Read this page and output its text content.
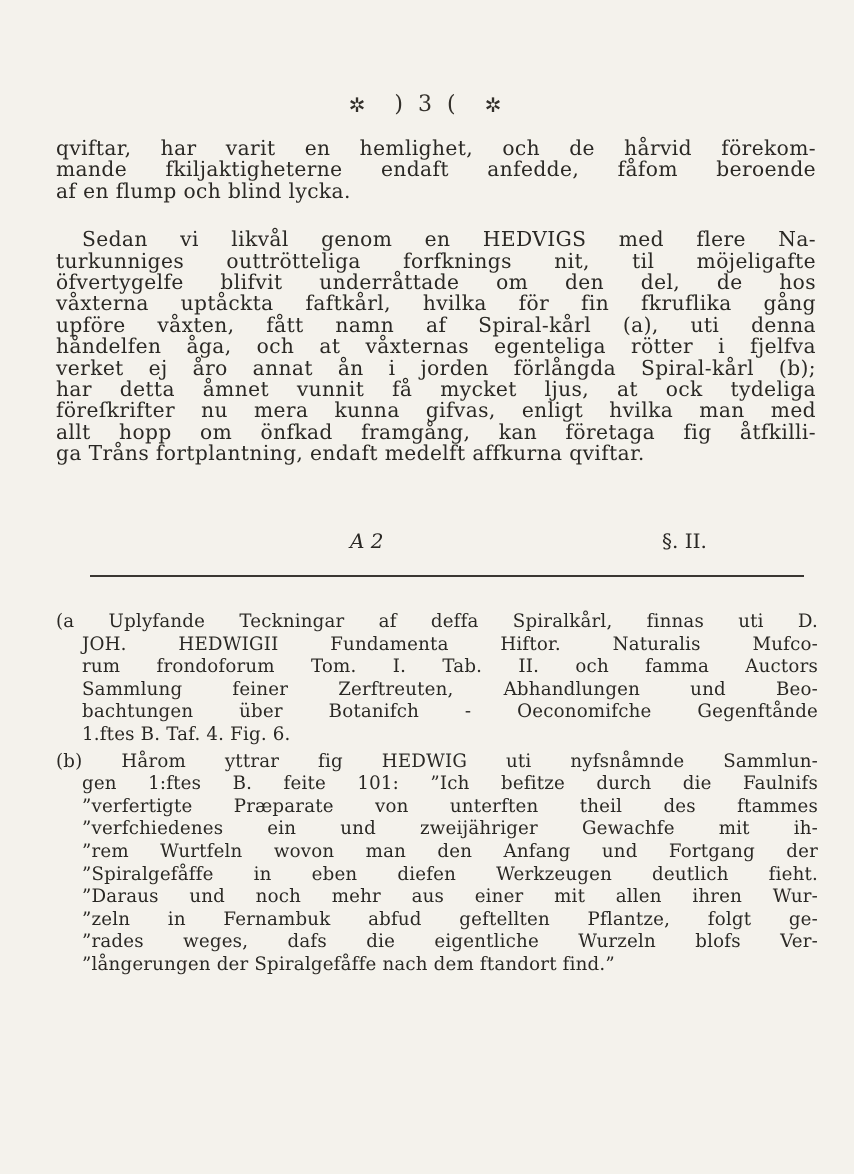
✲ ) 3 ( ✲

qviftar, har varit en hemlighet, och de hårvid förekom-
mande fkiljaktigheterne endaft anfedde, fåfom beroende
af en flump och blind lycka.

Sedan vi likvål genom en HEDVIGS med flere Na-
turkunniges outtrötteliga forfknings nit, til möjeligafte
öfvertygelfe blifvit underråttade om den del, de hos
våxterna uptåckta faftkårl, hvilka för fin fkruflika gång
upföre våxten, fått namn af Spiral-kårl (a), uti denna
håndelfen åga, och at våxternas egenteliga rötter i fjelfva
verket ej åro annat ån i jorden förlångda Spiral-kårl (b);
har detta åmnet vunnit få mycket ljus, at ock tydeliga
föreſkrifter nu mera kunna gifvas, enligt hvilka man med
allt hopp om önfkad framgång, kan företaga fig åtfkilli-
ga Tråns fortplantning, endaft medelft affkurna qviftar.

A 2	§. II.
(a Uplyfande Teckningar af deffa Spiralkårl, finnas uti D.
JOH. HEDWIGII Fundamenta Hiftor. Naturalis Mufco-
rum frondoforum Tom. I. Tab. II. och famma Auctors
Sammlung feiner Zerftreuten, Abhandlungen und Beo-
bachtungen über Botanifch - Oeconomifche Gegenftånde
1.ftes B. Taf. 4. Fig. 6.
(b) Hårom yttrar fig HEDWIG uti nyfsnåmnde Sammlun-
gen 1:ftes B. feite 101: ”Ich befitze durch die Faulnifs
”verfertigte Præparate von unterften theil des ftammes
”verfchiedenes ein und zweijähriger Gewachfe mit ih-
”rem Wurtfeln wovon man den Anfang und Fortgang der
”Spiralgefåffe in eben diefen Werkzeugen deutlich fieht.
”Daraus und noch mehr aus einer mit allen ihren Wur-
”zeln in Fernambuk abfud geftellten Pflantze, folgt ge-
”rades weges, dafs die eigentliche Wurzeln blofs Ver-
”långerungen der Spiralgefåffe nach dem ftandort find.”
